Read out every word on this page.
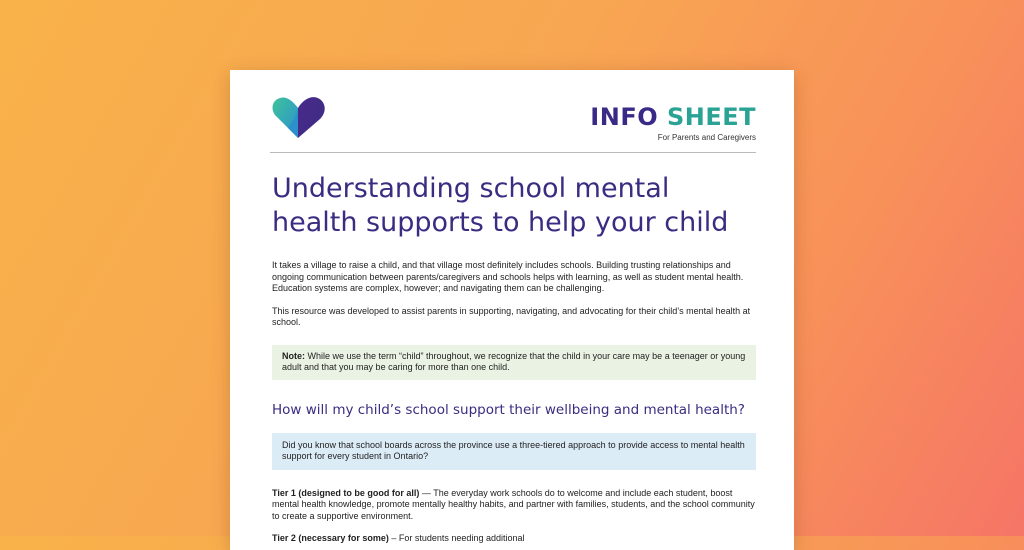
INFO SHEET
For Parents and Caregivers
Understanding school mental health supports to help your child

It takes a village to raise a child, and that village most definitely includes schools. Building trusting relationships and ongoing communication between parents/caregivers and schools helps with learning, as well as student mental health. Education systems are complex, however; and navigating them can be challenging.

This resource was developed to assist parents in supporting, navigating, and advocating for their child’s mental health at school.

Note: While we use the term “child” throughout, we recognize that the child in your care may be a teenager or young adult and that you may be caring for more than one child.
How will my child’s school support their wellbeing and mental health?
Did you know that school boards across the province use a three-tiered approach to provide access to mental health support for every student in Ontario?

Tier 1 (designed to be good for all) — The everyday work schools do to welcome and include each student, boost mental health knowledge, promote mentally healthy habits, and partner with families, students, and the school community to create a supportive environment.

Tier 2 (necessary for some) – For students needing additional
